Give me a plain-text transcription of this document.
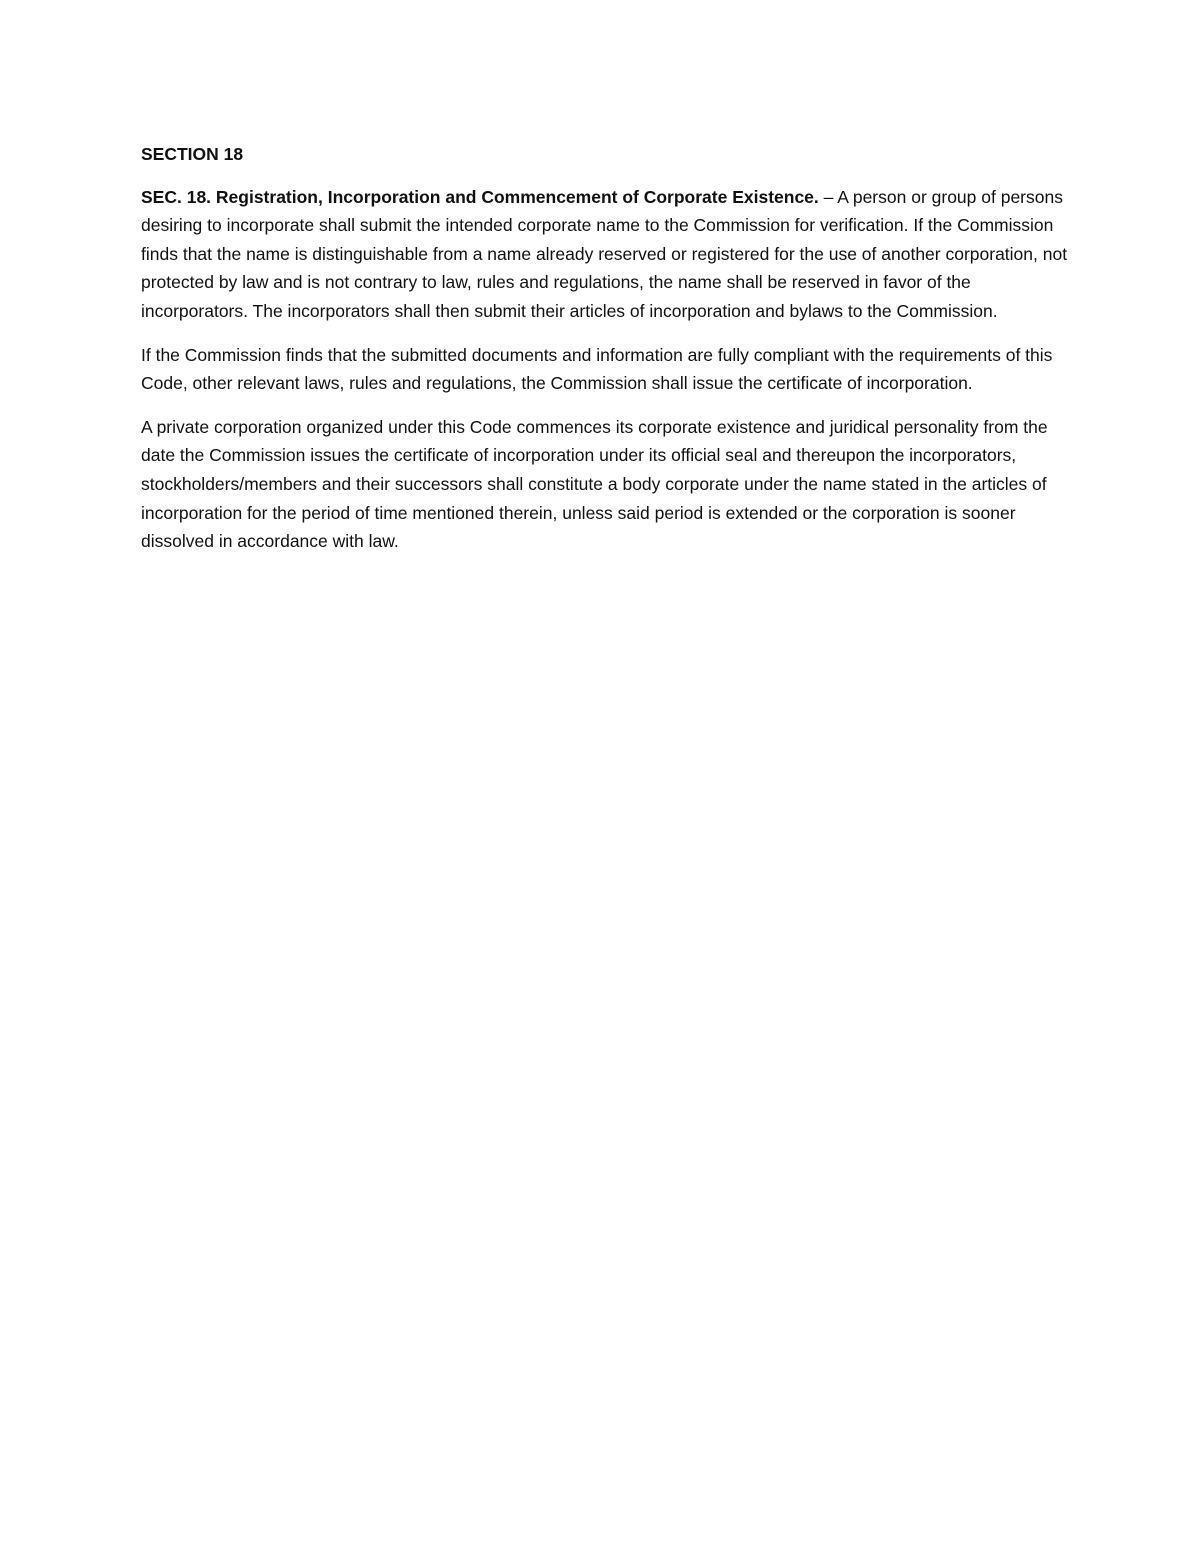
SECTION 18

SEC. 18. Registration, Incorporation and Commencement of Corporate Existence. – A person or group of persons desiring to incorporate shall submit the intended corporate name to the Commission for verification. If the Commission finds that the name is distinguishable from a name already reserved or registered for the use of another corporation, not protected by law and is not contrary to law, rules and regulations, the name shall be reserved in favor of the incorporators. The incorporators shall then submit their articles of incorporation and bylaws to the Commission.

If the Commission finds that the submitted documents and information are fully compliant with the requirements of this Code, other relevant laws, rules and regulations, the Commission shall issue the certificate of incorporation.

A private corporation organized under this Code commences its corporate existence and juridical personality from the date the Commission issues the certificate of incorporation under its official seal and thereupon the incorporators, stockholders/members and their successors shall constitute a body corporate under the name stated in the articles of incorporation for the period of time mentioned therein, unless said period is extended or the corporation is sooner dissolved in accordance with law.
